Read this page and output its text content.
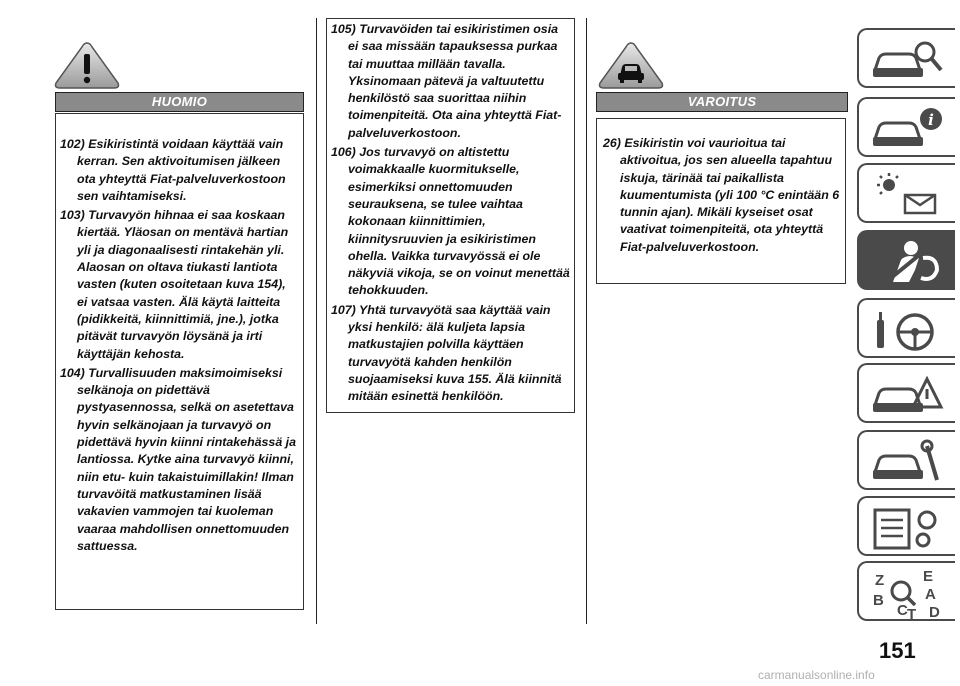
HUOMIO

102) Esikiristintä voidaan käyttää vain kerran. Sen aktivoitumisen jälkeen ota yhteyttä Fiat-palveluverkostoon sen vaihtamiseksi.

103) Turvavyön hihnaa ei saa koskaan kiertää. Yläosan on mentävä hartian yli ja diagonaalisesti rintakehän yli. Alaosan on oltava tiukasti lantiota vasten (kuten osoitetaan kuva 154), ei vatsaa vasten. Älä käytä laitteita (pidikkeitä, kiinnittimiä, jne.), jotka pitävät turvavyön löysänä ja irti käyttäjän kehosta.

104) Turvallisuuden maksimoimiseksi selkänoja on pidettävä pystyasennossa, selkä on asetettava hyvin selkänojaan ja turvavyö on pidettävä hyvin kiinni rintakehässä ja lantiossa. Kytke aina turvavyö kiinni, niin etu- kuin takaistuimillakin! Ilman turvavöitä matkustaminen lisää vakavien vammojen tai kuoleman vaaraa mahdollisen onnettomuuden sattuessa.

105) Turvavöiden tai esikiristimen osia ei saa missään tapauksessa purkaa tai muuttaa millään tavalla. Yksinomaan pätevä ja valtuutettu henkilöstö saa suorittaa niihin toimenpiteitä. Ota aina yhteyttä Fiat-palveluverkostoon.

106) Jos turvavyö on altistettu voimakkaalle kuormitukselle, esimerkiksi onnettomuuden seurauksena, se tulee vaihtaa kokonaan kiinnittimien, kiinnitysruuvien ja esikiristimen ohella. Vaikka turvavyössä ei ole näkyviä vikoja, se on voinut menettää tehokkuuden.

107) Yhtä turvavyötä saa käyttää vain yksi henkilö: älä kuljeta lapsia matkustajien polvilla käyttäen turvavyötä kahden henkilön suojaamiseksi kuva 155. Älä kiinnitä mitään esinettä henkilöön.

VAROITUS

26) Esikiristin voi vaurioitua tai aktivoitua, jos sen alueella tapahtuu iskuja, tärinää tai paikallista kuumentumista (yli 100 °C enintään 6 tunnin ajan). Mikäli kyseiset osat vaativat toimenpiteitä, ota yhteyttä Fiat-palveluverkostoon.

i
Z	E
B	A
C T D
151
carmanualsonline.info
